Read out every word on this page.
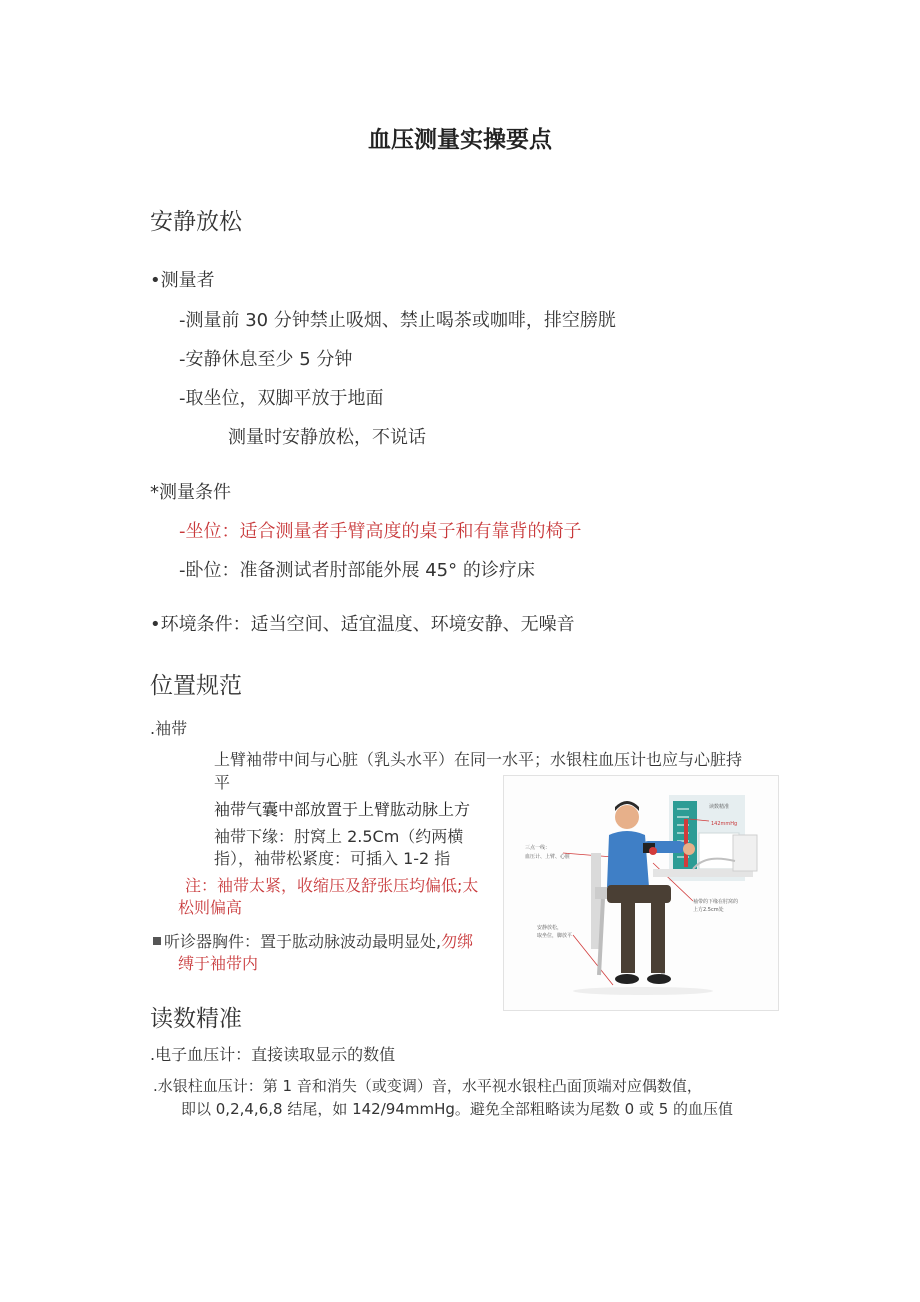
血压测量实操要点
安静放松
•测量者
-测量前 30 分钟禁止吸烟、禁止喝茶或咖啡，排空膀胱
-安静休息至少 5 分钟
-取坐位，双脚平放于地面
测量时安静放松，不说话
*测量条件
-坐位：适合测量者手臂高度的桌子和有靠背的椅子
-卧位：准备测试者肘部能外展 45° 的诊疗床
•环境条件：适当空间、适宜温度、环境安静、无噪音
位置规范
.袖带
上臂袖带中间与心脏（乳头水平）在同一水平；水银柱血压计也应与心脏持
平
袖带气囊中部放置于上臂肱动脉上方
袖带下缘：肘窝上 2.5Cm（约两横
指），袖带松紧度：可插入 1-2 指
注：袖带太紧，收缩压及舒张压均偏低;太
松则偏高
听诊器胸件：置于肱动脉波动最明显处,勿绑
缚于袖带内
读数精准
142mmHg
三点一线：
血压计、上臂、心脏
袖带的下缘在肘窝的
上方2.5cm处
安静放松，
取坐位，脚放平
读数精准
.电子血压计：直接读取显示的数值
.水银柱血压计：第 1 音和消失（或变调）音，水平视水银柱凸面顶端对应偶数值，
即以 0,2,4,6,8 结尾，如 142/94mmHg。避免全部粗略读为尾数 0 或 5 的血压值
